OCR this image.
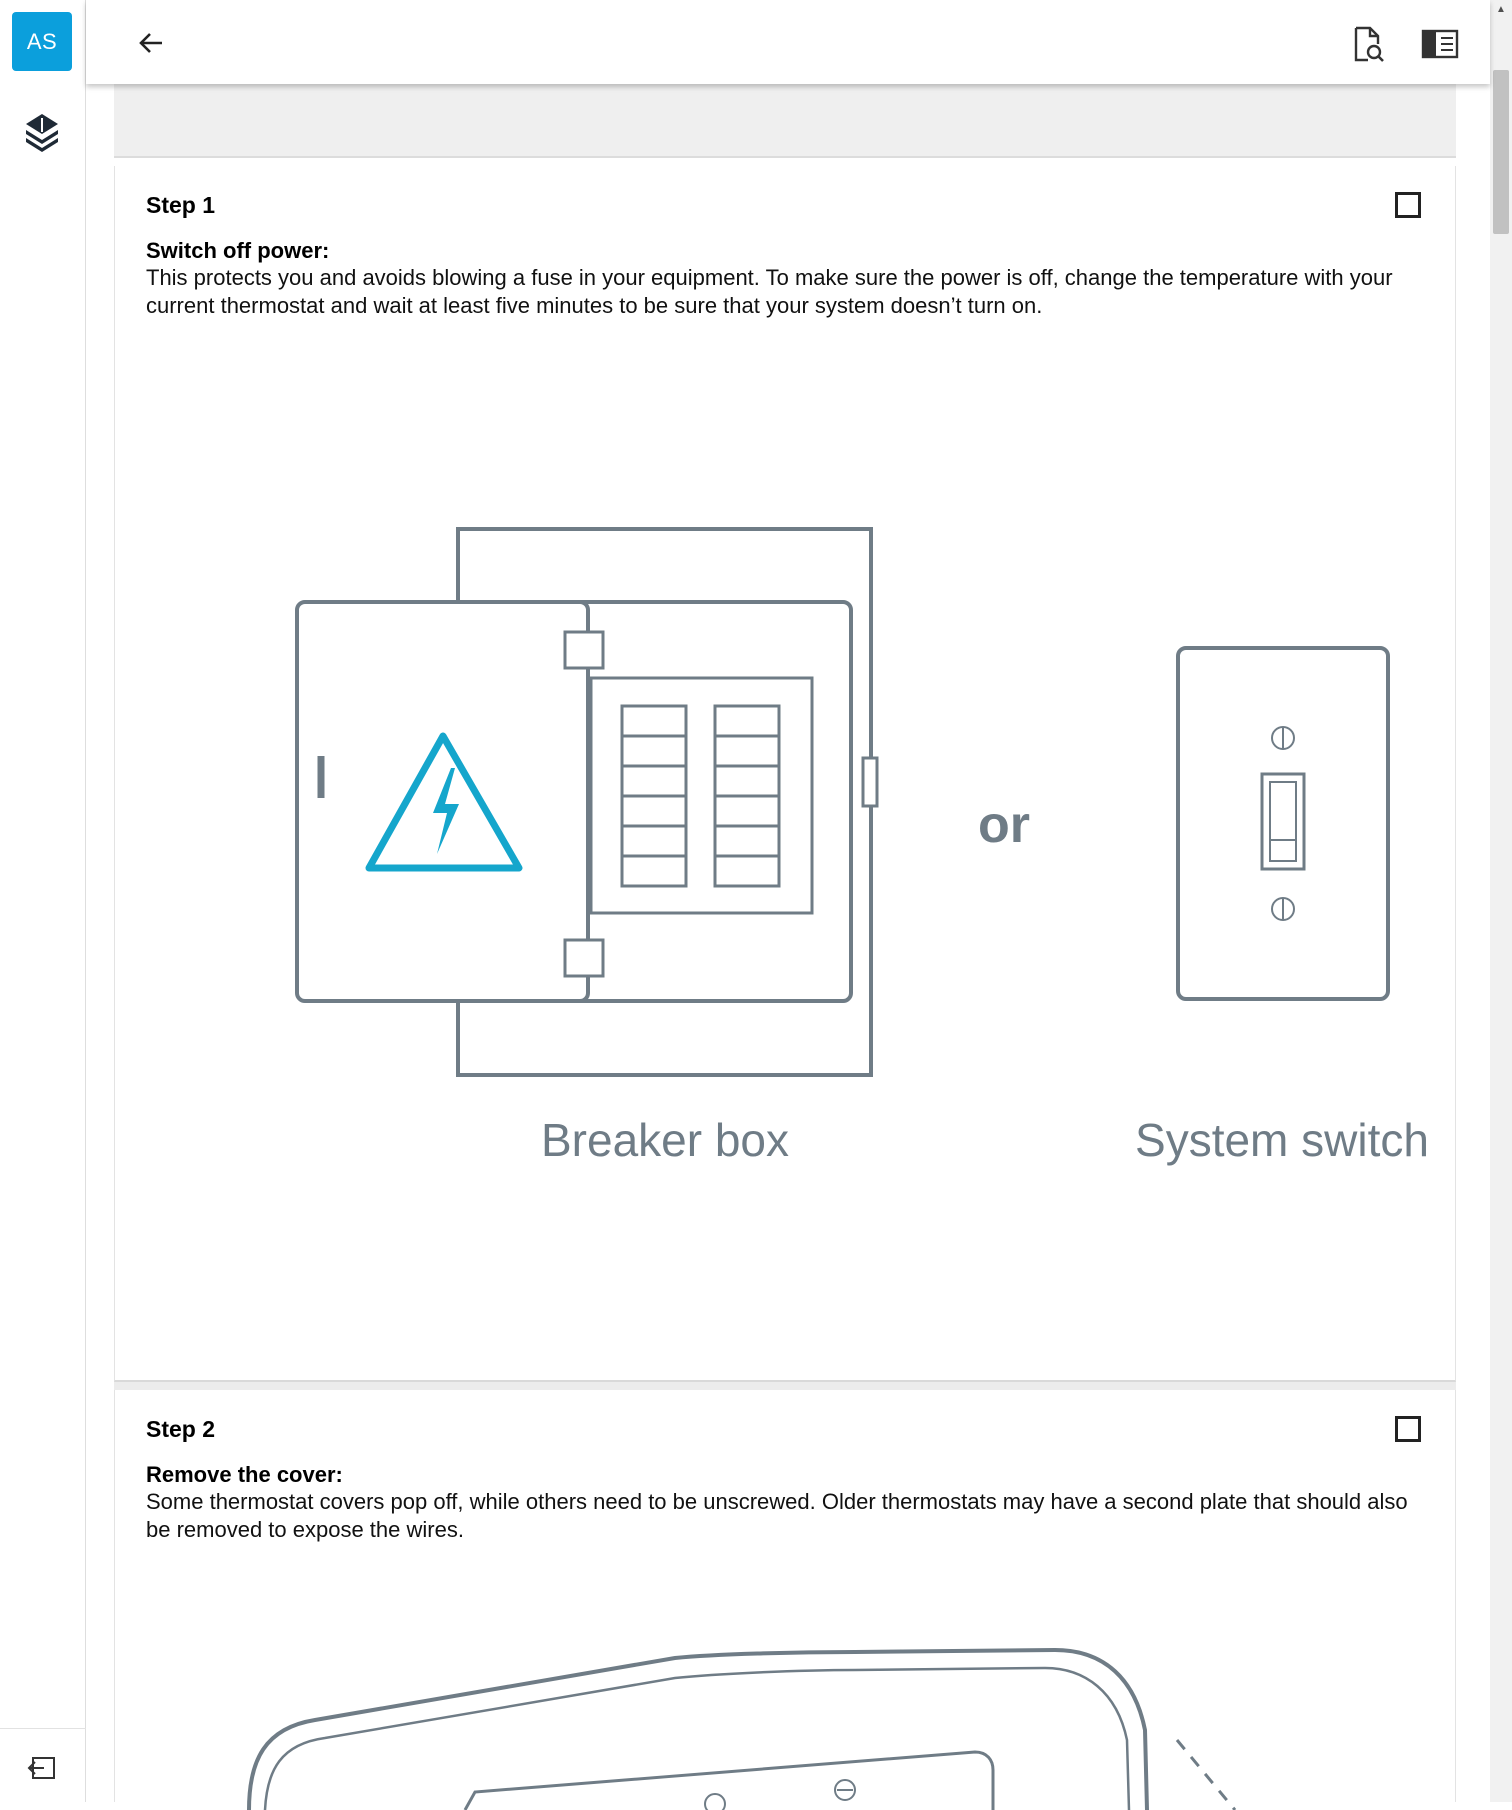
AS
Step 1
Switch off power:
This protects you and avoids blowing a fuse in your equipment. To make sure the power is off, change the temperature with your current thermostat and wait at least five minutes to be sure that your system doesn’t turn on.
or
Breaker box	System switch
Step 2
Remove the cover:
Some thermostat covers pop off, while others need to be unscrewed. Older thermostats may have a second plate that should also be removed to expose the wires.
▲
